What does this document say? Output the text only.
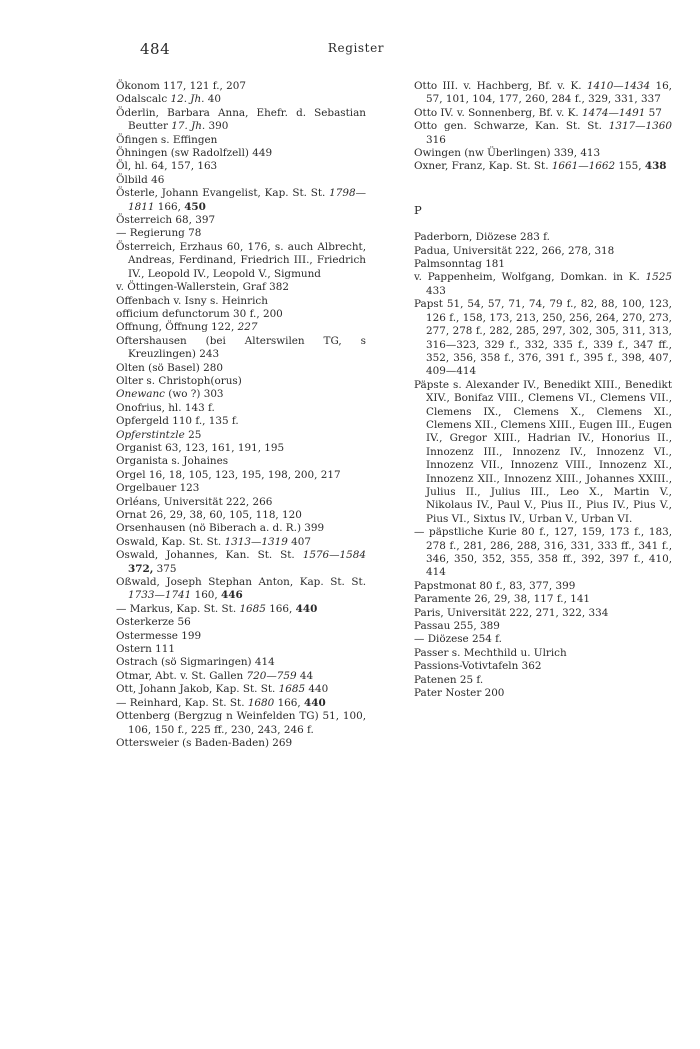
484	Register
Ökonom 117, 121 f., 207
Odalscalc 12. Jh. 40
Öderlin, Barbara Anna, Ehefr. d. Sebastian Beutter 17. Jh. 390
Öfingen s. Effingen
Öhningen (sw Radolfzell) 449
Öl, hl. 64, 157, 163
Ölbild 46
Österle, Johann Evangelist, Kap. St. St. 1798—1811 166, 450
Österreich 68, 397
— Regierung 78
Österreich, Erzhaus 60, 176, s. auch Albrecht, Andreas, Ferdinand, Friedrich III., Friedrich IV., Leopold IV., Leopold V., Sigmund
v. Öttingen-Wallerstein, Graf 382
Offenbach v. Isny s. Heinrich
officium defunctorum 30 f., 200
Offnung, Öffnung 122, 227
Oftershausen (bei Alterswilen TG, s Kreuzlingen) 243
Olten (sö Basel) 280
Olter s. Christoph(orus)
Onewanc (wo ?) 303
Onofrius, hl. 143 f.
Opfergeld 110 f., 135 f.
Opferstintzle 25
Organist 63, 123, 161, 191, 195
Organista s. Johaines
Orgel 16, 18, 105, 123, 195, 198, 200, 217
Orgelbauer 123
Orléans, Universität 222, 266
Ornat 26, 29, 38, 60, 105, 118, 120
Orsenhausen (nö Biberach a. d. R.) 399
Oswald, Kap. St. St. 1313—1319 407
Oswald, Johannes, Kan. St. St. 1576—1584 372, 375
Oßwald, Joseph Stephan Anton, Kap. St. St. 1733—1741 160, 446
— Markus, Kap. St. St. 1685 166, 440
Osterkerze 56
Ostermesse 199
Ostern 111
Ostrach (sö Sigmaringen) 414
Otmar, Abt. v. St. Gallen 720—759 44
Ott, Johann Jakob, Kap. St. St. 1685 440
— Reinhard, Kap. St. St. 1680 166, 440
Ottenberg (Bergzug n Weinfelden TG) 51, 100, 106, 150 f., 225 ff., 230, 243, 246 f.
Ottersweier (s Baden-Baden) 269
Otto III. v. Hachberg, Bf. v. K. 1410—1434 16, 57, 101, 104, 177, 260, 284 f., 329, 331, 337
Otto IV. v. Sonnenberg, Bf. v. K. 1474—1491 57
Otto gen. Schwarze, Kan. St. St. 1317—1360 316
Owingen (nw Überlingen) 339, 413
Oxner, Franz, Kap. St. St. 1661—1662 155, 438
P
Paderborn, Diözese 283 f.
Padua, Universität 222, 266, 278, 318
Palmsonntag 181
v. Pappenheim, Wolfgang, Domkan. in K. 1525 433
Papst 51, 54, 57, 71, 74, 79 f., 82, 88, 100, 123, 126 f., 158, 173, 213, 250, 256, 264, 270, 273, 277, 278 f., 282, 285, 297, 302, 305, 311, 313, 316—323, 329 f., 332, 335 f., 339 f., 347 ff., 352, 356, 358 f., 376, 391 f., 395 f., 398, 407, 409—414
Päpste s. Alexander IV., Benedikt XIII., Benedikt XIV., Bonifaz VIII., Clemens VI., Clemens VII., Clemens IX., Clemens X., Clemens XI., Clemens XII., Clemens XIII., Eugen III., Eugen IV., Gregor XIII., Hadrian IV., Honorius II., Innozenz III., Innozenz IV., Innozenz VI., Innozenz VII., Innozenz VIII., Innozenz XI., Innozenz XII., Innozenz XIII., Johannes XXIII., Julius II., Julius III., Leo X., Martin V., Nikolaus IV., Paul V., Pius II., Pius IV., Pius V., Pius VI., Sixtus IV., Urban V., Urban VI.
— päpstliche Kurie 80 f., 127, 159, 173 f., 183, 278 f., 281, 286, 288, 316, 331, 333 ff., 341 f., 346, 350, 352, 355, 358 ff., 392, 397 f., 410, 414
Papstmonat 80 f., 83, 377, 399
Paramente 26, 29, 38, 117 f., 141
Paris, Universität 222, 271, 322, 334
Passau 255, 389
— Diözese 254 f.
Passer s. Mechthild u. Ulrich
Passions-Votivtafeln 362
Patenen 25 f.
Pater Noster 200
